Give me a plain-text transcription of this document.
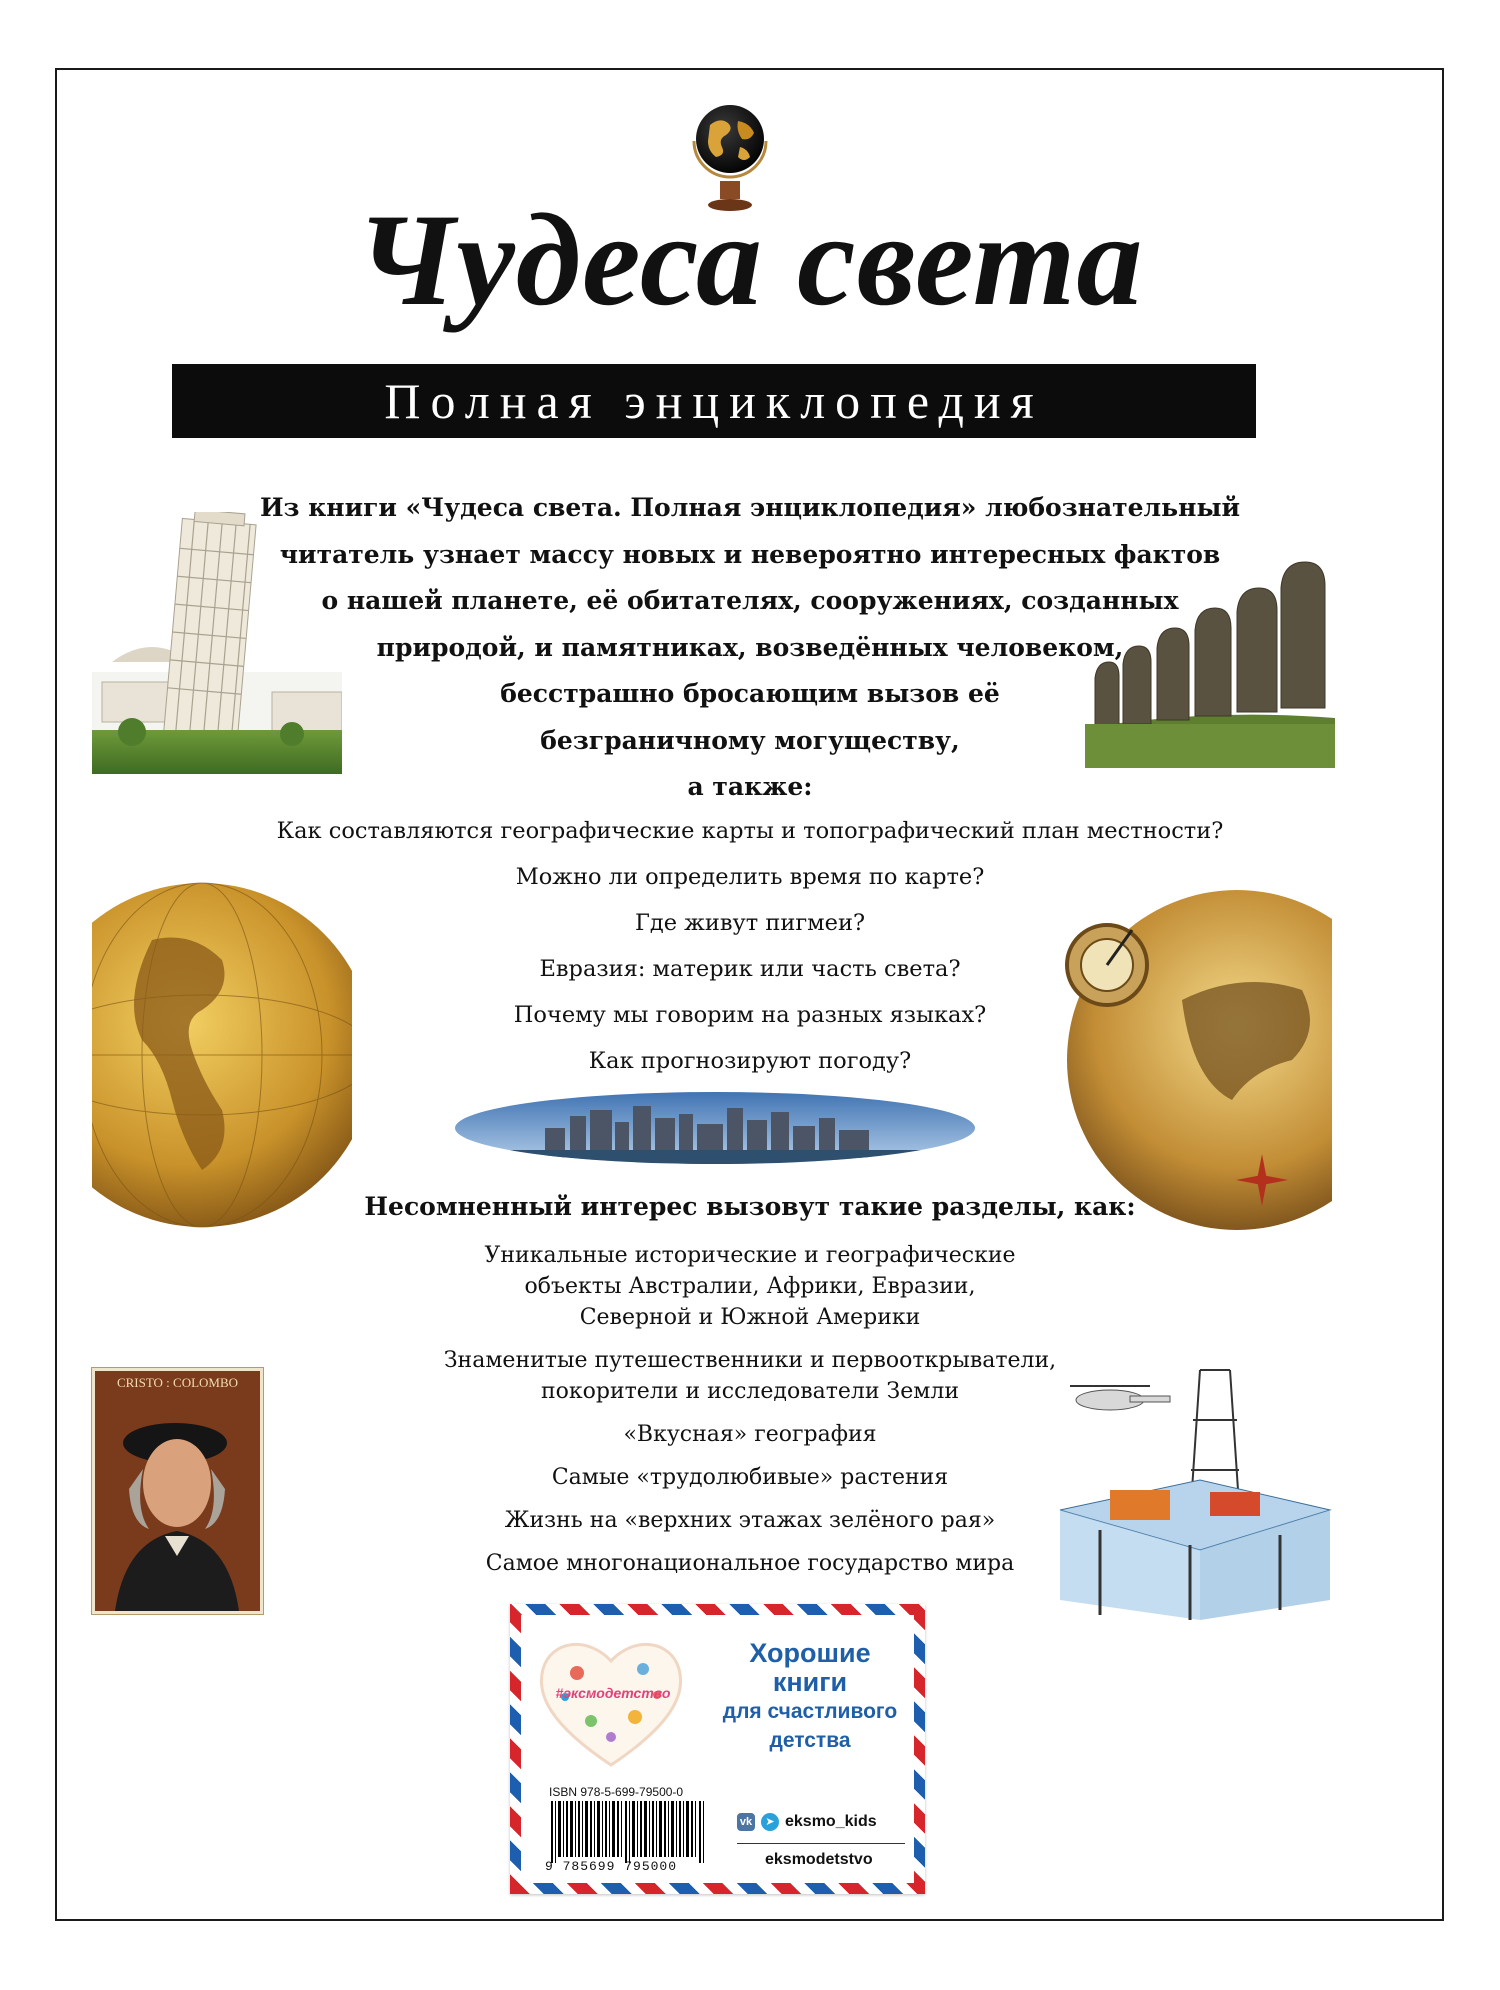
Чудеса света
Полная энциклопедия
Из книги «Чудеса света. Полная энциклопедия» любознательный
читатель узнает массу новых и невероятно интересных фактов
о нашей планете, её обитателях, сооружениях, созданных
природой, и памятниках, возведённых человеком,
бесстрашно бросающим вызов её
безграничному могуществу,
а также:
Как составляются географические карты и топографический план местности?
Можно ли определить время по карте?
Где живут пигмеи?
Евразия: материк или часть света?
Почему мы говорим на разных языках?
Как прогнозируют погоду?
Несомненный интерес вызовут такие разделы, как:
Уникальные исторические и географические
объекты Австралии, Африки, Евразии,
Северной и Южной Америки
Знаменитые путешественники и первооткрыватели,
покорители и исследователи Земли
«Вкусная» география
Самые «трудолюбивые» растения
Жизнь на «верхних этажах зелёного рая»
Самое многонациональное государство мира
CRISTO : COLOMBO
#эксмодетство
Хорошие
книги
для счастливого
детства
ISBN 978-5-699-79500-0
9 785699 795000
vk	➤ eksmo_kids
eksmodetstvo
